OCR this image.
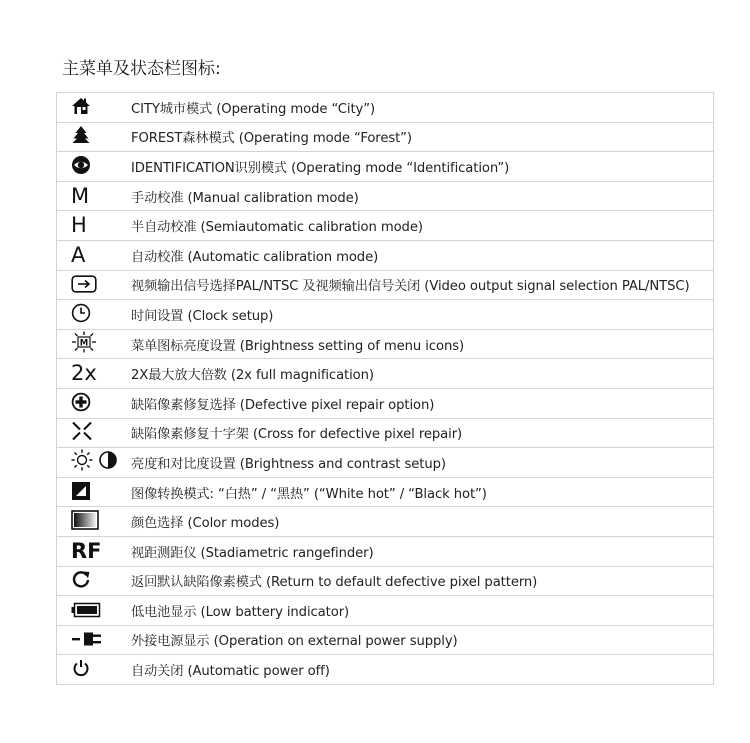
主菜单及状态栏图标:
	CITY城市模式 (Operating mode “City”)

	FOREST森林模式 (Operating mode “Forest”)

	IDENTIFICATION识别模式 (Operating mode “Identification”)
M	手动校准 (Manual calibration mode)
H	半自动校准 (Semiautomatic calibration mode)
A	自动校准 (Automatic calibration mode)

	视频输出信号选择PAL/NTSC 及视频输出信号关闭 (Video output signal selection PAL/NTSC)

	时间设置 (Clock setup)

M	菜单图标亮度设置 (Brightness setting of menu icons)
2x	2X最大放大倍数 (2x full magnification)

	缺陷像素修复选择 (Defective pixel repair option)

	缺陷像素修复十字架 (Cross for defective pixel repair)

	亮度和对比度设置 (Brightness and contrast setup)

	图像转换模式: “白热” / “黑热” (“White hot” / “Black hot”)

	颜色选择 (Color modes)
RF	视距测距仪 (Stadiametric rangefinder)

	返回默认缺陷像素模式 (Return to default defective pixel pattern)

	低电池显示 (Low battery indicator)

	外接电源显示 (Operation on external power supply)

	自动关闭 (Automatic power off)
